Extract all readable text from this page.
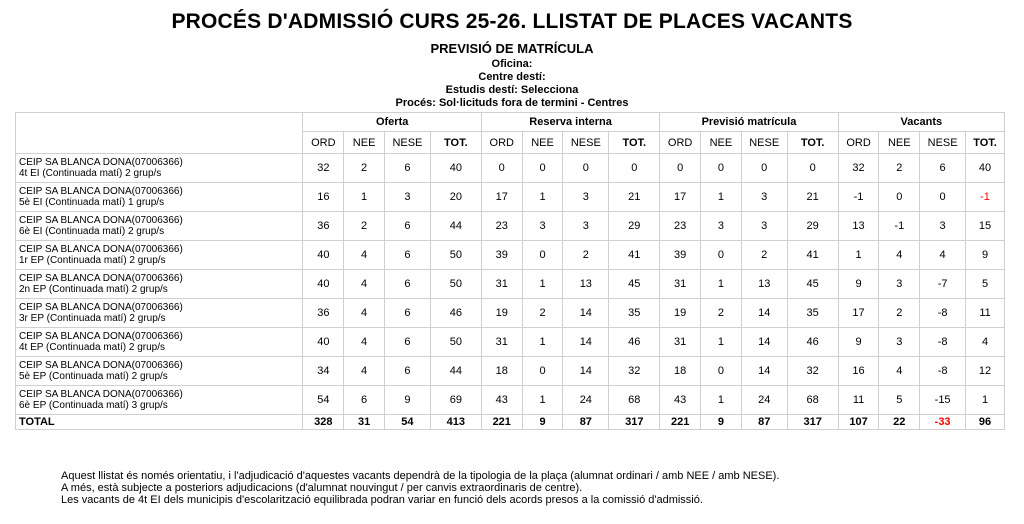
PROCÉS D'ADMISSIÓ CURS 25-26. LLISTAT DE PLACES VACANTS
PREVISIÓ DE MATRÍCULA
Oficina:
Centre destí:
Estudis destí: Selecciona
Procés: Sol·licituds fora de termini - Centres
	Oferta				Reserva interna				Previsió matrícula				Vacants			
	ORD	NEE	NESE	TOT.	ORD	NEE	NESE	TOT.	ORD	NEE	NESE	TOT.	ORD	NEE	NESE	TOT.

CEIP SA BLANCA DONA(07006366)
4t EI (Continuada matí) 2 grup/s	32	2	6	40	0	0	0	0	0	0	0	0	32	2	6	40

CEIP SA BLANCA DONA(07006366)
5è EI (Continuada matí) 1 grup/s	16	1	3	20	17	1	3	21	17	1	3	21	-1	0	0	-1

CEIP SA BLANCA DONA(07006366)
6è EI (Continuada matí) 2 grup/s	36	2	6	44	23	3	3	29	23	3	3	29	13	-1	3	15

CEIP SA BLANCA DONA(07006366)
1r EP (Continuada matí) 2 grup/s	40	4	6	50	39	0	2	41	39	0	2	41	1	4	4	9

CEIP SA BLANCA DONA(07006366)
2n EP (Continuada matí) 2 grup/s	40	4	6	50	31	1	13	45	31	1	13	45	9	3	-7	5

CEIP SA BLANCA DONA(07006366)
3r EP (Continuada matí) 2 grup/s	36	4	6	46	19	2	14	35	19	2	14	35	17	2	-8	11

CEIP SA BLANCA DONA(07006366)
4t EP (Continuada matí) 2 grup/s	40	4	6	50	31	1	14	46	31	1	14	46	9	3	-8	4

CEIP SA BLANCA DONA(07006366)
5è EP (Continuada matí) 2 grup/s	34	4	6	44	18	0	14	32	18	0	14	32	16	4	-8	12

CEIP SA BLANCA DONA(07006366)
6è EP (Continuada matí) 3 grup/s	54	6	9	69	43	1	24	68	43	1	24	68	11	5	-15	1
TOTAL	328	31	54	413	221	9	87	317	221	9	87	317	107	22	-33	96
Aquest llistat és només orientatiu, i l'adjudicació d'aquestes vacants dependrà de la tipologia de la plaça (alumnat ordinari / amb NEE / amb NESE).
A més, està subjecte a posteriors adjudicacions (d'alumnat nouvingut / per canvis extraordinaris de centre).
Les vacants de 4t EI dels municipis d'escolarització equilibrada podran variar en funció dels acords presos a la comissió d'admissió.
